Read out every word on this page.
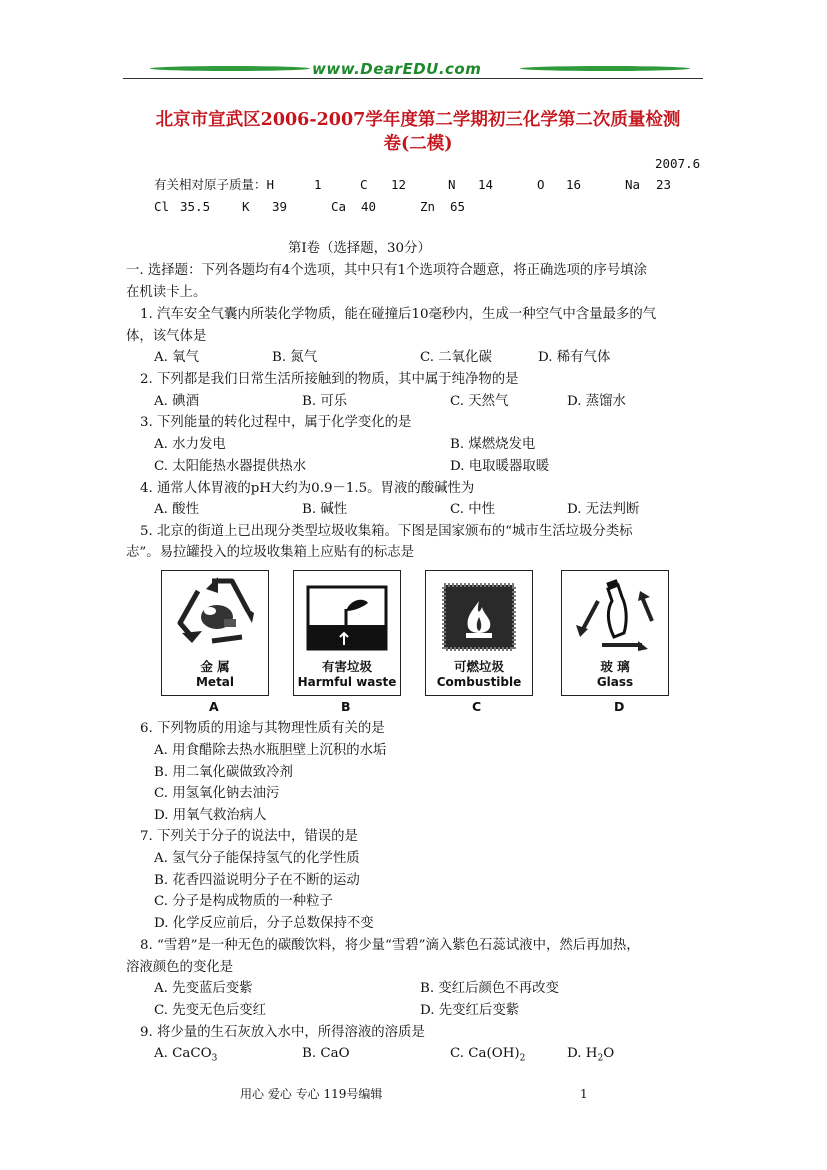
www.DearEDU.com
北京市宣武区2006-2007学年度第二学期初三化学第二次质量检测
卷(二模)
2007.6
有关相对原子质量：H	1	C 12	N 14	O 16	Na 23
Cl 35.5	K 39	Ca 40	Zn 65
第Ⅰ卷（选择题，30分）
一. 选择题：下列各题均有4个选项，其中只有1个选项符合题意，将正确选项的序号填涂
在机读卡上。
1. 汽车安全气囊内所装化学物质，能在碰撞后10毫秒内，生成一种空气中含量最多的气
体，该气体是
A. 氧气	B. 氮气	C. 二氧化碳	D. 稀有气体
2. 下列都是我们日常生活所接触到的物质，其中属于纯净物的是
A. 碘酒	B. 可乐	C. 天然气	D. 蒸馏水
3. 下列能量的转化过程中，属于化学变化的是
A. 水力发电	B. 煤燃烧发电
C. 太阳能热水器提供热水	D. 电取暖器取暖
4. 通常人体胃液的pH大约为0.9－1.5。胃液的酸碱性为
A. 酸性	B. 碱性	C. 中性	D. 无法判断
5. 北京的街道上已出现分类型垃圾收集箱。下图是国家颁布的“城市生活垃圾分类标
志”。易拉罐投入的垃圾收集箱上应贴有的标志是
金 属
Metal
有害垃圾
Harmful waste
可燃垃圾
Combustible
玻 璃
Glass
A	B	C	D
6. 下列物质的用途与其物理性质有关的是
A. 用食醋除去热水瓶胆壁上沉积的水垢
B. 用二氧化碳做致冷剂
C. 用氢氧化钠去油污
D. 用氧气救治病人
7. 下列关于分子的说法中，错误的是
A. 氢气分子能保持氢气的化学性质
B. 花香四溢说明分子在不断的运动
C. 分子是构成物质的一种粒子
D. 化学反应前后，分子总数保持不变
8. “雪碧”是一种无色的碳酸饮料，将少量“雪碧”滴入紫色石蕊试液中，然后再加热，
溶液颜色的变化是
A. 先变蓝后变紫	B. 变红后颜色不再改变
C. 先变无色后变红	D. 先变红后变紫
9. 将少量的生石灰放入水中，所得溶液的溶质是
A. CaCO$_3$	B. CaO	C. $Ca(OH)_2$	D. $H_2O$
用心 爱心 专心 119号编辑	1
